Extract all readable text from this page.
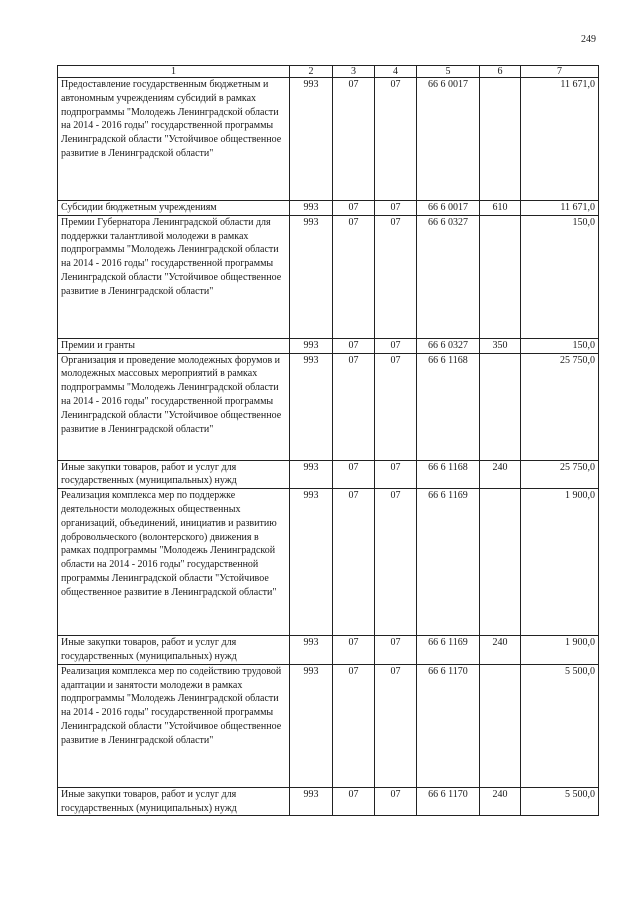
249
1	2	3	4	5	6	7
Предоставление государственным бюджетным и автономным учреждениям субсидий в рамках подпрограммы "Молодежь Ленинградской области на 2014 - 2016 годы" государственной программы Ленинградской области "Устойчивое общественное развитие в Ленинградской области"	993	07	07	66 6 0017		11 671,0
Субсидии бюджетным учреждениям	993	07	07	66 6 0017	610	11 671,0
Премии Губернатора Ленинградской области для поддержки талантливой молодежи в рамках подпрограммы "Молодежь Ленинградской области на 2014 - 2016 годы" государственной программы Ленинградской области "Устойчивое общественное развитие в Ленинградской области"	993	07	07	66 6 0327		150,0
Премии и гранты	993	07	07	66 6 0327	350	150,0
Организация и проведение молодежных форумов и молодежных массовых мероприятий в рамках подпрограммы "Молодежь Ленинградской области на 2014 - 2016 годы" государственной программы Ленинградской области "Устойчивое общественное развитие в Ленинградской области"	993	07	07	66 6 1168		25 750,0
Иные закупки товаров, работ и услуг для государственных (муниципальных) нужд	993	07	07	66 6 1168	240	25 750,0
Реализация комплекса мер по поддержке деятельности молодежных общественных организаций, объединений, инициатив и развитию добровольческого (волонтерского) движения в рамках подпрограммы "Молодежь Ленинградской области на 2014 - 2016 годы" государственной программы Ленинградской области "Устойчивое общественное развитие в Ленинградской области"	993	07	07	66 6 1169		1 900,0
Иные закупки товаров, работ и услуг для государственных (муниципальных) нужд	993	07	07	66 6 1169	240	1 900,0
Реализация комплекса мер по содействию трудовой адаптации и занятости молодежи в рамках подпрограммы "Молодежь Ленинградской области на 2014 - 2016 годы" государственной программы Ленинградской области "Устойчивое общественное развитие в Ленинградской области"	993	07	07	66 6 1170		5 500,0
Иные закупки товаров, работ и услуг для государственных (муниципальных) нужд	993	07	07	66 6 1170	240	5 500,0
